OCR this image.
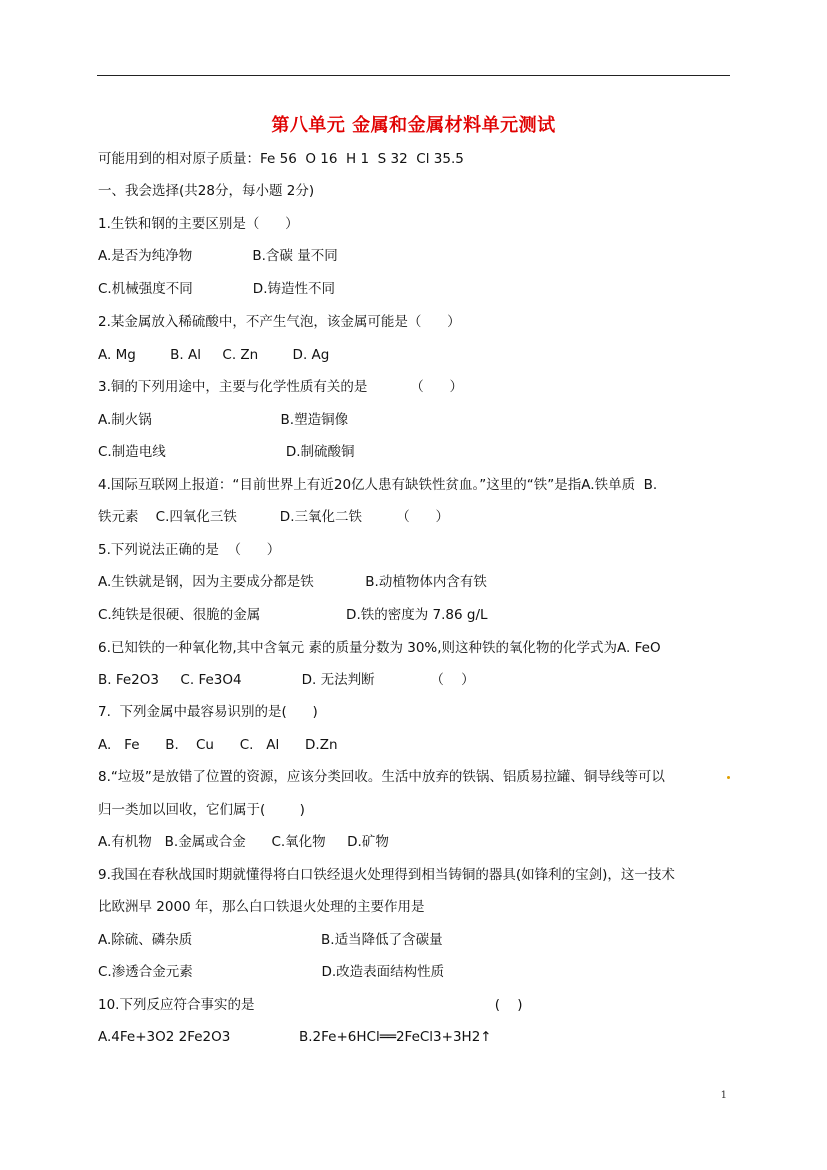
第八单元 金属和金属材料单元测试
可能用到的相对原子质量：Fe 56  O 16  H 1  S 32  Cl 35.5
一、我会选择(共28分，每小题 2分)
1.生铁和钢的主要区别是（      ）
A.是否为纯净物              B.含碳 量不同
C.机械强度不同              D.铸造性不同
2.某金属放入稀硫酸中，不产生气泡，该金属可能是（      ）
A. Mg        B. Al     C. Zn        D. Ag
3.铜的下列用途中，主要与化学性质有关的是          （      ）
A.制火锅                              B.塑造铜像
C.制造电线                            D.制硫酸铜
4.国际互联网上报道：“目前世界上有近20亿人患有缺铁性贫血。”这里的“铁”是指A.铁单质  B.
铁元素    C.四氧化三铁          D.三氧化二铁        （      ）
5.下列说法正确的是  （      ）
A.生铁就是钢，因为主要成分都是铁            B.动植物体内含有铁
C.纯铁是很硬、很脆的金属                    D.铁的密度为 7.86 g/L
6.已知铁的一种氧化物,其中含氧元 素的质量分数为 30%,则这种铁的氧化物的化学式为A. FeO
B. Fe2O3     C. Fe3O4              D. 无法判断             （    ）
7.  下列金属中最容易识别的是(      )
A.   Fe      B.    Cu      C.   Al      D.Zn
8.“垃圾”是放错了位置的资源，应该分类回收。生活中放弃的铁锅、铝质易拉罐、铜导线等可以
归一类加以回收，它们属于(        )
A.有机物   B.金属或合金      C.氧化物     D.矿物
9.我国在春秋战国时期就懂得将白口铁经退火处理得到相当铸铜的器具(如锋利的宝剑)，这一技术
比欧洲早 2000 年，那么白口铁退火处理的主要作用是
A.除硫、磷杂质                              B.适当降低了含碳量
C.渗透合金元素                              D.改造表面结构性质
10.下列反应符合事实的是                                                        (    )
A.4Fe+3O2 2Fe2O3                B.2Fe+6HCl══2FeCl3+3H2↑
1
